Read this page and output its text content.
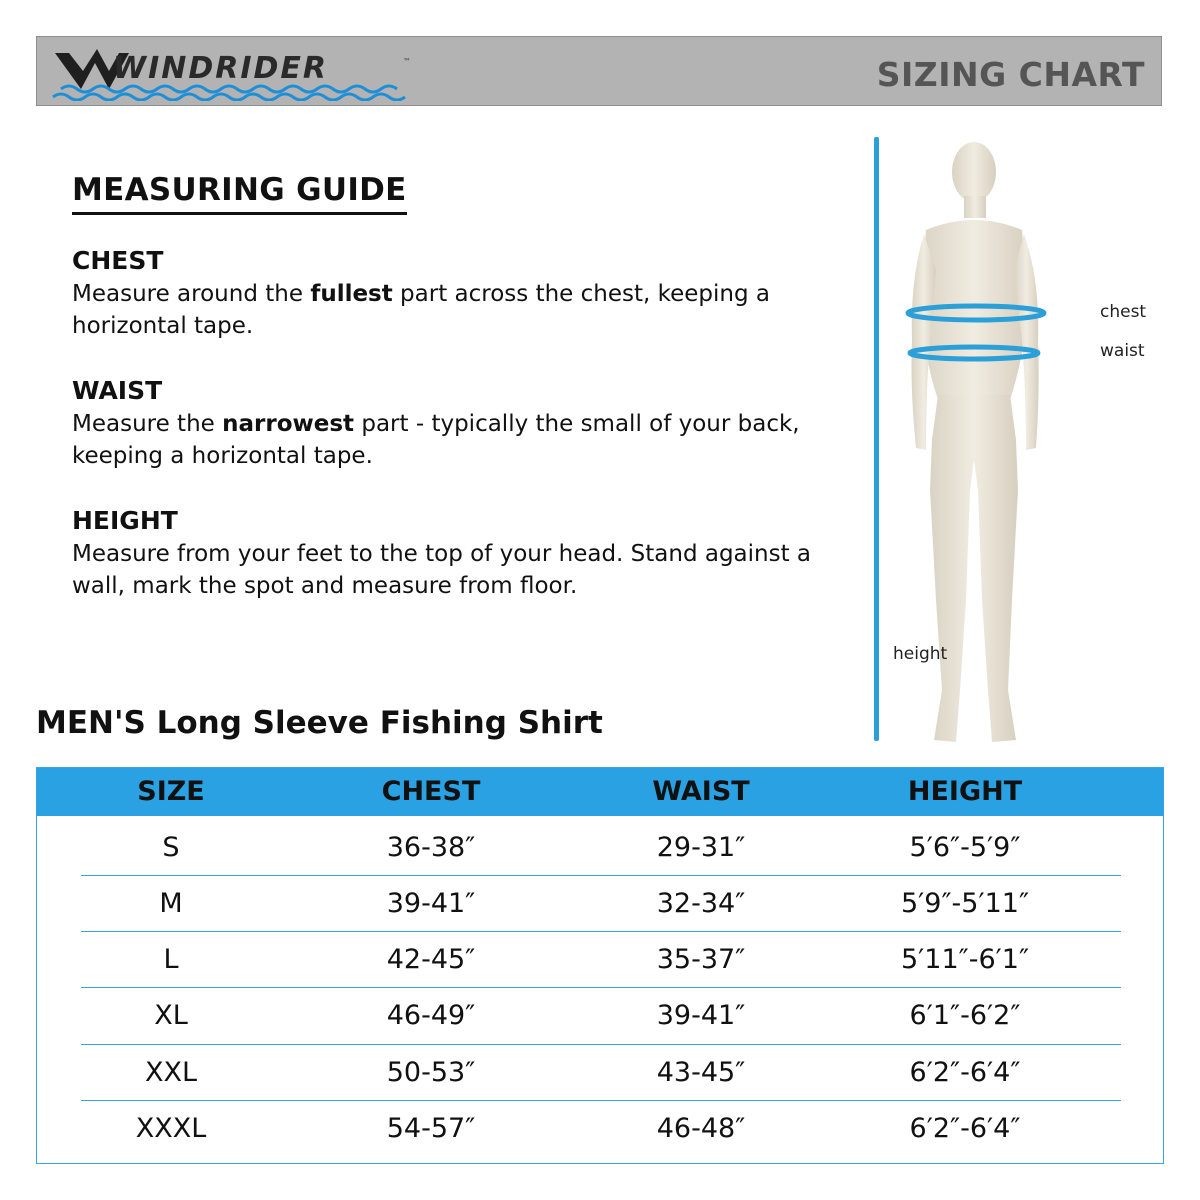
WINDRIDER	™	SIZING CHART
MEASURING GUIDE
CHEST

Measure around the fullest part across the chest, keeping a horizontal tape.

WAIST

Measure the narrowest part - typically the small of your back, keeping a horizontal tape.

HEIGHT

Measure from your feet to the top of your head. Stand against a wall, mark the spot and measure from floor.

chest
waist
height
MEN'S Long Sleeve Fishing Shirt
SIZE	CHEST	WAIST	HEIGHT
S	36-38″	29-31″	5′6″-5′9″
M	39-41″	32-34″	5′9″-5′11″
L	42-45″	35-37″	5′11″-6′1″
XL	46-49″	39-41″	6′1″-6′2″
XXL	50-53″	43-45″	6′2″-6′4″
XXXL	54-57″	46-48″	6′2″-6′4″
